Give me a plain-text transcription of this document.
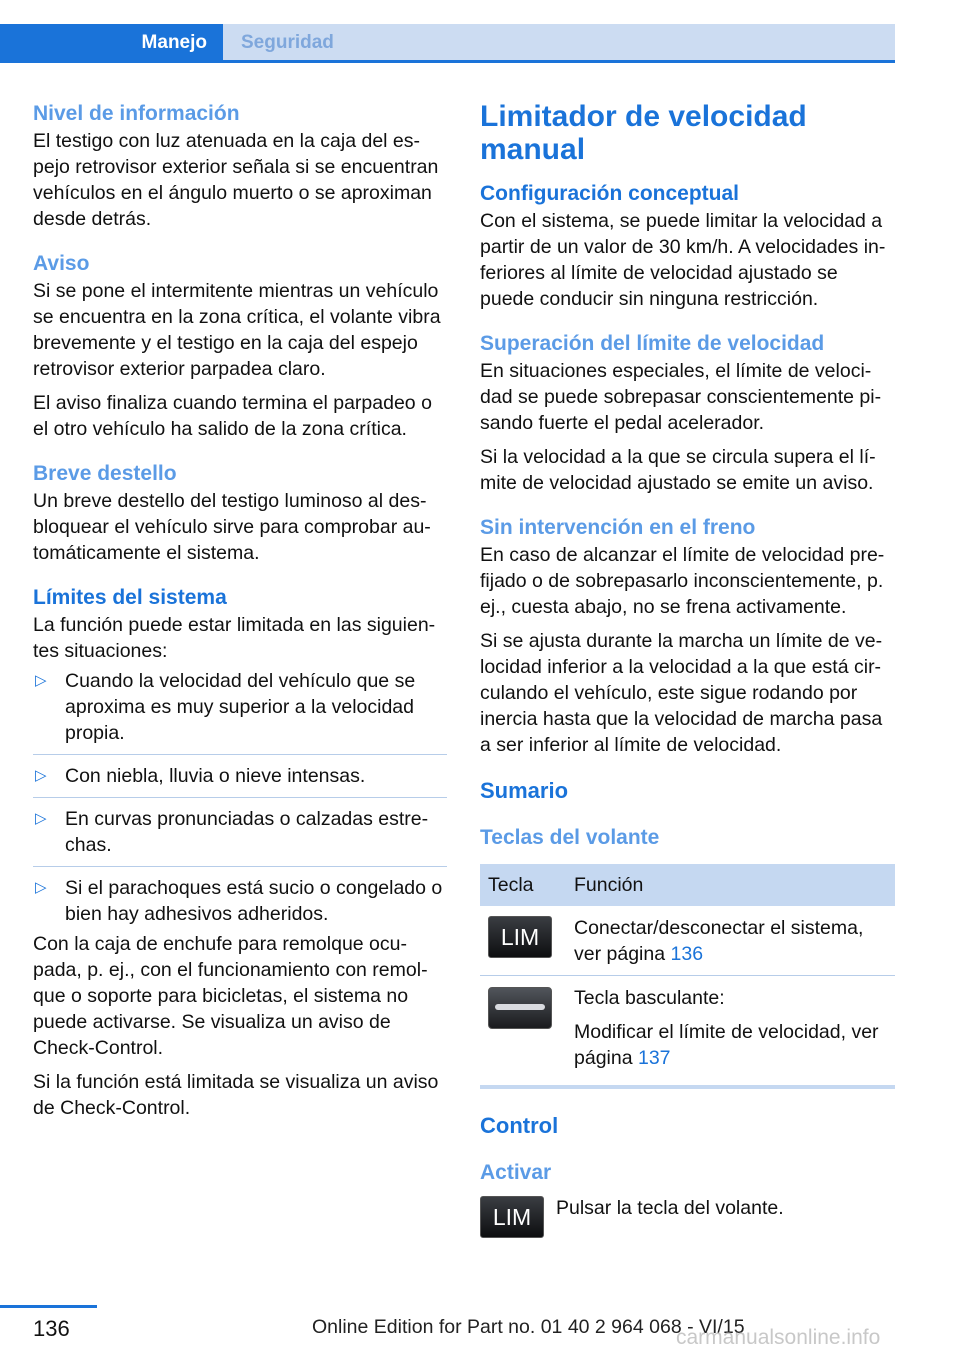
Manejo	Seguridad
Nivel de información

El testigo con luz atenuada en la caja del es-pejo retrovisor exterior señala si se encuentran vehículos en el ángulo muerto o se aproximan desde detrás.

Aviso

Si se pone el intermitente mientras un vehículo se encuentra en la zona crítica, el volante vibra brevemente y el testigo en la caja del espejo retrovisor exterior parpadea claro.

El aviso finaliza cuando termina el parpadeo o el otro vehículo ha salido de la zona crítica.

Breve destello

Un breve destello del testigo luminoso al des-bloquear el vehículo sirve para comprobar au-tomáticamente el sistema.

Límites del sistema

La función puede estar limitada en las siguien-tes situaciones:

▷ Cuando la velocidad del vehículo que se aproxima es muy superior a la velocidad propia.
▷ Con niebla, lluvia o nieve intensas.
▷ En curvas pronunciadas o calzadas estre-chas.
▷ Si el parachoques está sucio o congelado o bien hay adhesivos adheridos.

Con la caja de enchufe para remolque ocu-pada, p. ej., con el funcionamiento con remol-que o soporte para bicicletas, el sistema no puede activarse. Se visualiza un aviso de Check-Control.

Si la función está limitada se visualiza un aviso de Check-Control.

Limitador de velocidad manual
Configuración conceptual

Con el sistema, se puede limitar la velocidad a partir de un valor de 30 km/h. A velocidades in-feriores al límite de velocidad ajustado se puede conducir sin ninguna restricción.

Superación del límite de velocidad

En situaciones especiales, el límite de veloci-dad se puede sobrepasar conscientemente pi-sando fuerte el pedal acelerador.

Si la velocidad a la que se circula supera el lí-mite de velocidad ajustado se emite un aviso.

Sin intervención en el freno

En caso de alcanzar el límite de velocidad pre-fijado o de sobrepasarlo inconscientemente, p. ej., cuesta abajo, no se frena activamente.

Si se ajusta durante la marcha un límite de ve-locidad inferior a la velocidad a la que está cir-culando el vehículo, este sigue rodando por inercia hasta que la velocidad de marcha pasa a ser inferior al límite de velocidad.

Sumario
Teclas del volante
Tecla	Función

LIM	Conectar/desconectar el sistema, ver página 136

	Tecla basculante:
Modificar el límite de velocidad, ver página 137
Control
Activar
LIM	Pulsar la tecla del volante.

136	Online Edition for Part no. 01 40 2 964 068 - VI/15
carmanualsonline.info
